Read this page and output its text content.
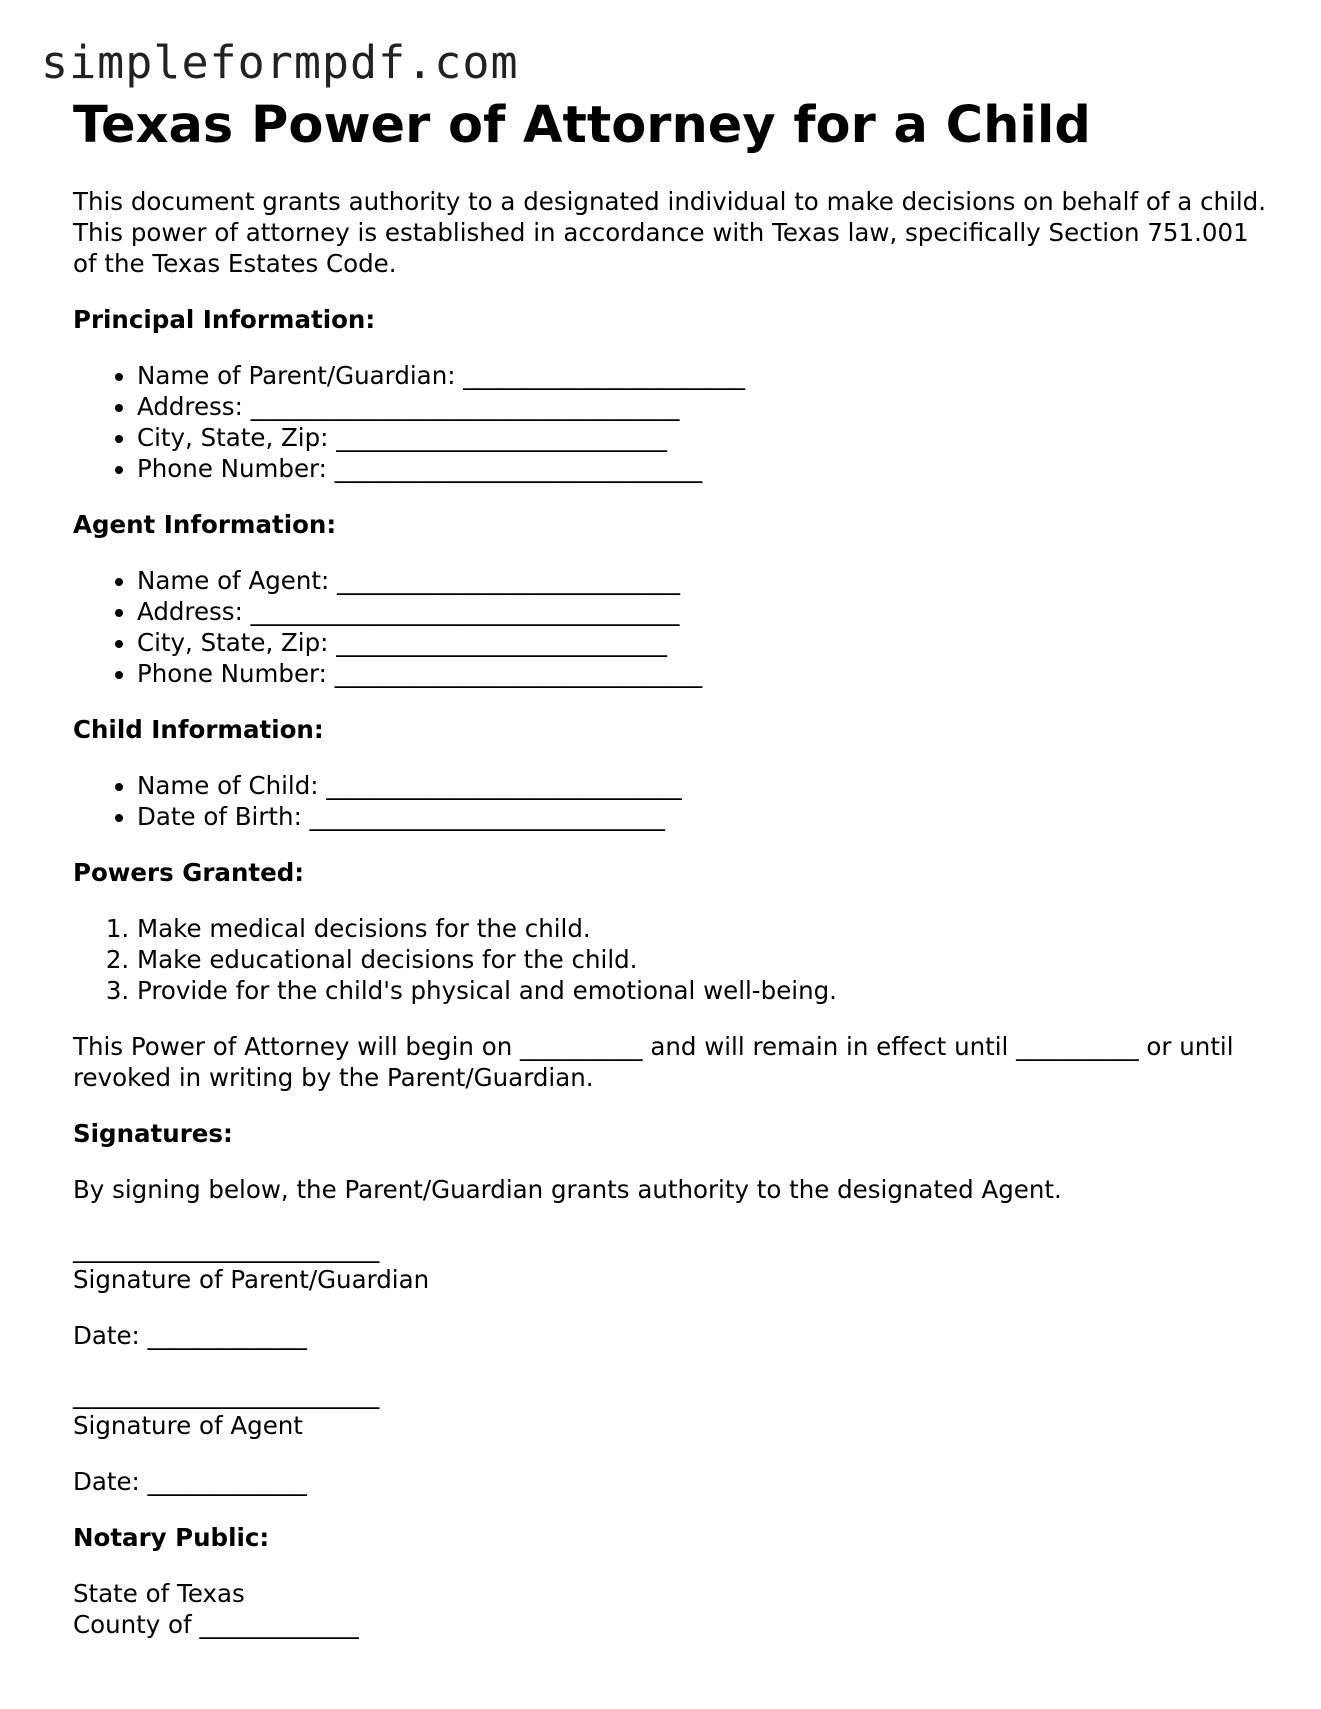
simpleformpdf.com
Texas Power of Attorney for a Child

This document grants authority to a designated individual to make decisions on behalf of a child. This power of attorney is established in accordance with Texas law, specifically Section 751.001 of the Texas Estates Code.

Principal Information:
• Name of Parent/Guardian: _______________________
• Address: ___________________________________
• City, State, Zip: ___________________________
• Phone Number: ______________________________
Agent Information:
• Name of Agent: ____________________________
• Address: ___________________________________
• City, State, Zip: ___________________________
• Phone Number: ______________________________
Child Information:
• Name of Child: _____________________________
• Date of Birth: _____________________________
Powers Granted:
1. Make medical decisions for the child.
2. Make educational decisions for the child.
3. Provide for the child's physical and emotional well-being.

This Power of Attorney will begin on __________ and will remain in effect until __________ or until revoked in writing by the Parent/Guardian.

Signatures:

By signing below, the Parent/Guardian grants authority to the designated Agent.

_________________________

Signature of Parent/Guardian

Date: _____________

_________________________

Signature of Agent

Date: _____________

Notary Public:

State of Texas

County of _____________
